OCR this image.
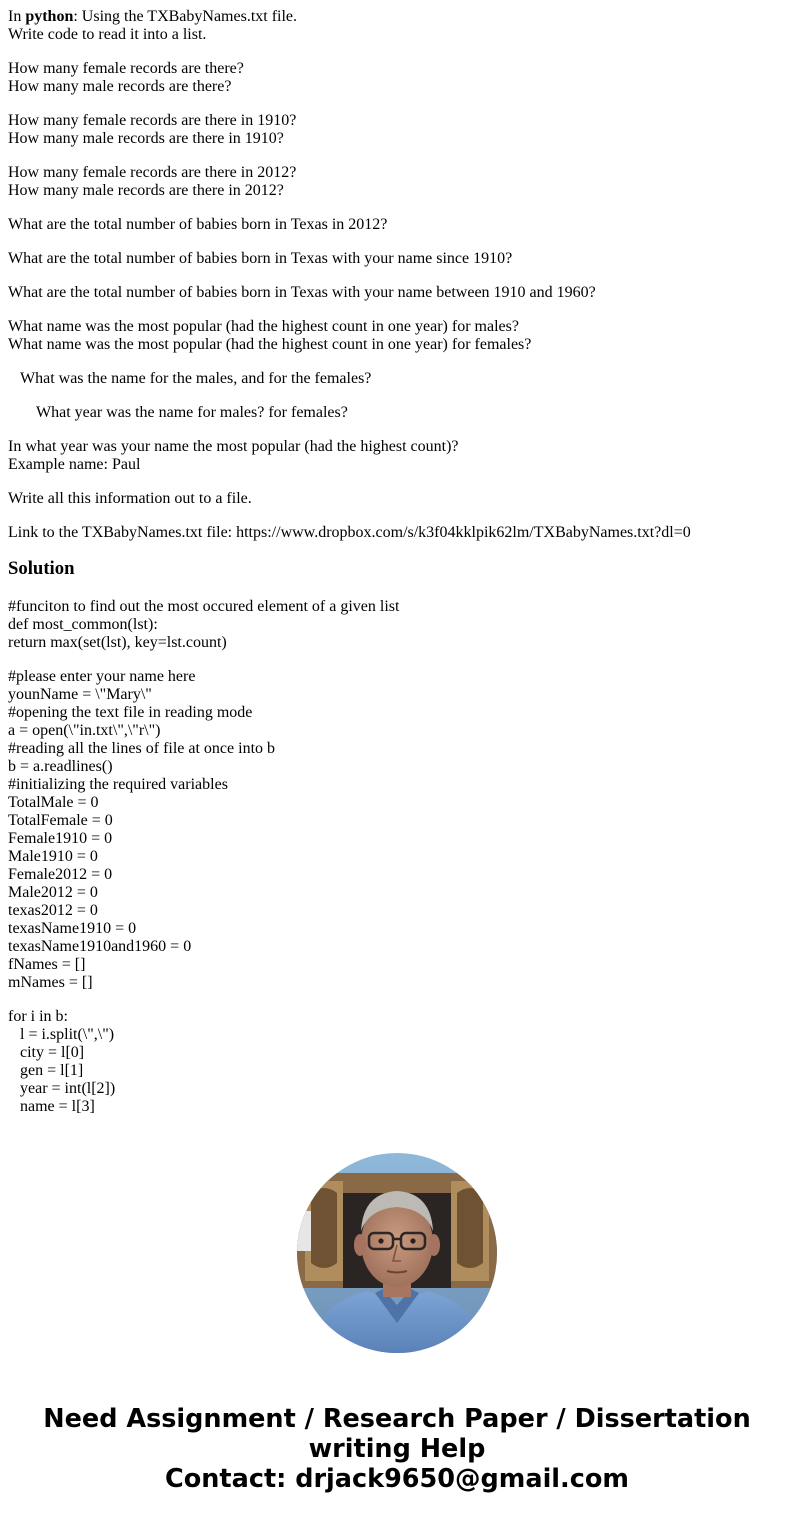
In python: Using the TXBabyNames.txt file.
Write code to read it into a list.
How many female records are there?
How many male records are there?
How many female records are there in 1910?
How many male records are there in 1910?
How many female records are there in 2012?
How many male records are there in 2012?
What are the total number of babies born in Texas in 2012?
What are the total number of babies born in Texas with your name since 1910?
What are the total number of babies born in Texas with your name between 1910 and 1960?
What name was the most popular (had the highest count in one year) for males?
What name was the most popular (had the highest count in one year) for females?
What was the name for the males, and for the females?
What year was the name for males? for females?
In what year was your name the most popular (had the highest count)?
Example name: Paul
Write all this information out to a file.
Link to the TXBabyNames.txt file: https://www.dropbox.com/s/k3f04kklpik62lm/TXBabyNames.txt?dl=0
Solution
#funciton to find out the most occured element of a given list
def most_common(lst):
return max(set(lst), key=lst.count)
#please enter your name here
younName = \"Mary\"
#opening the text file in reading mode
a = open(\"in.txt\",\"r\")
#reading all the lines of file at once into b
b = a.readlines()
#initializing the required variables
TotalMale = 0
TotalFemale = 0
Female1910 = 0
Male1910 = 0
Female2012 = 0
Male2012 = 0
texas2012 = 0
texasName1910 = 0
texasName1910and1960 = 0
fNames = []
mNames = []
for i in b:
l = i.split(\",\")
city = l[0]
gen = l[1]
year = int(l[2])
name = l[3]
Need Assignment / Research Paper / Dissertation
writing Help
Contact: drjack9650@gmail.com
